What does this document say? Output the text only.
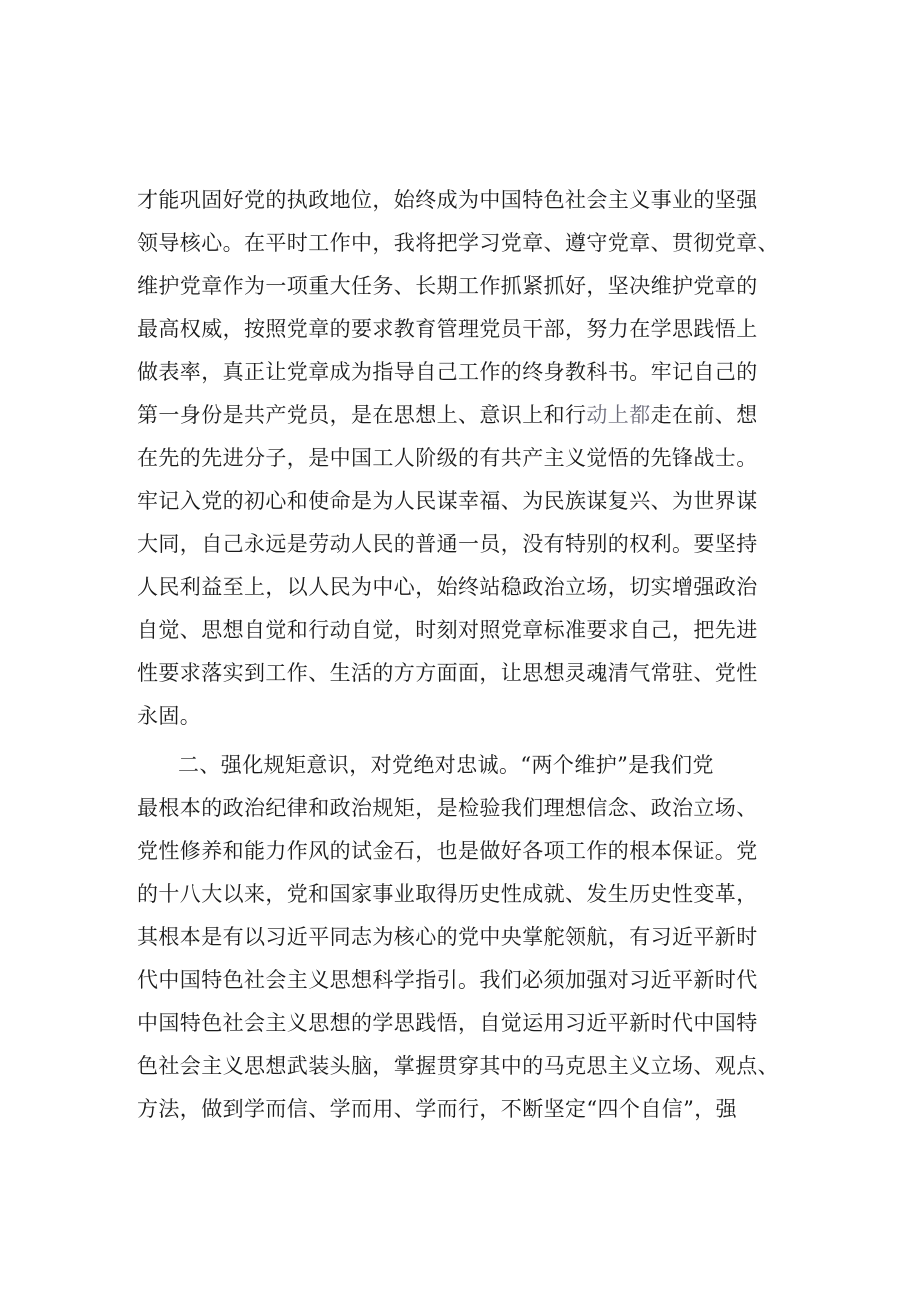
才能巩固好党的执政地位，始终成为中国特色社会主义事业的坚强
领导核心。在平时工作中，我将把学习党章、遵守党章、贯彻党章、
维护党章作为一项重大任务、长期工作抓紧抓好，坚决维护党章的
最高权威，按照党章的要求教育管理党员干部，努力在学思践悟上
做表率，真正让党章成为指导自己工作的终身教科书。牢记自己的
第一身份是共产党员，是在思想上、意识上和行动上都走在前、想
在先的先进分子，是中国工人阶级的有共产主义觉悟的先锋战士。
牢记入党的初心和使命是为人民谋幸福、为民族谋复兴、为世界谋
大同，自己永远是劳动人民的普通一员，没有特别的权利。要坚持
人民利益至上，以人民为中心，始终站稳政治立场，切实增强政治
自觉、思想自觉和行动自觉，时刻对照党章标准要求自己，把先进
性要求落实到工作、生活的方方面面，让思想灵魂清气常驻、党性
永固。
二、强化规矩意识，对党绝对忠诚。“两个维护”是我们党
最根本的政治纪律和政治规矩，是检验我们理想信念、政治立场、
党性修养和能力作风的试金石，也是做好各项工作的根本保证。党
的十八大以来，党和国家事业取得历史性成就、发生历史性变革，
其根本是有以习近平同志为核心的党中央掌舵领航，有习近平新时
代中国特色社会主义思想科学指引。我们必须加强对习近平新时代
中国特色社会主义思想的学思践悟，自觉运用习近平新时代中国特
色社会主义思想武装头脑，掌握贯穿其中的马克思主义立场、观点、
方法，做到学而信、学而用、学而行，不断坚定“四个自信”，强
